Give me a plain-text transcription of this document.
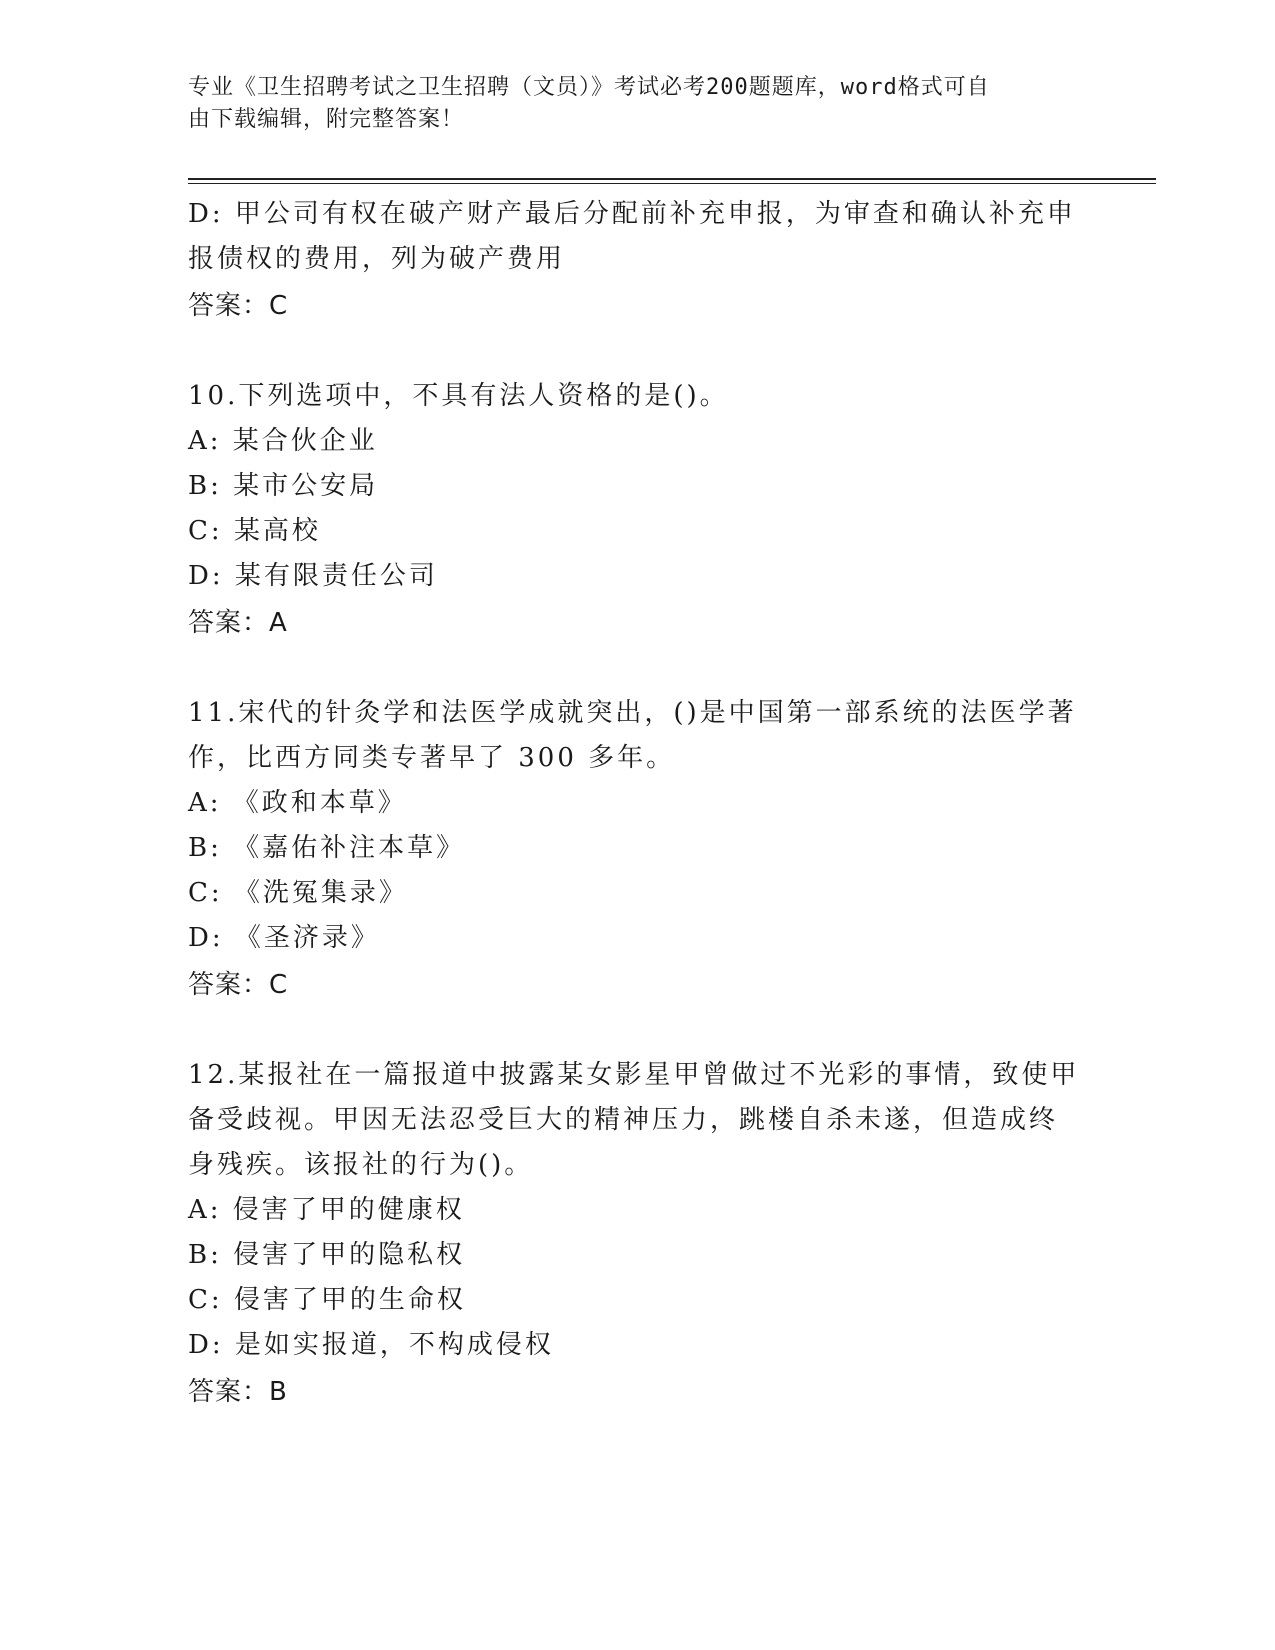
专业《卫生招聘考试之卫生招聘（文员）》考试必考200题题库，word格式可自
由下载编辑，附完整答案！
D: 甲公司有权在破产财产最后分配前补充申报，为审查和确认补充申
报债权的费用，列为破产费用
答案：C
10.下列选项中，不具有法人资格的是()。
A: 某合伙企业
B: 某市公安局
C: 某高校
D: 某有限责任公司
答案：A
11.宋代的针灸学和法医学成就突出，()是中国第一部系统的法医学著
作，比西方同类专著早了 300 多年。
A: 《政和本草》
B: 《嘉佑补注本草》
C: 《洗冤集录》
D: 《圣济录》
答案：C
12.某报社在一篇报道中披露某女影星甲曾做过不光彩的事情，致使甲
备受歧视。甲因无法忍受巨大的精神压力，跳楼自杀未遂，但造成终
身残疾。该报社的行为()。
A: 侵害了甲的健康权
B: 侵害了甲的隐私权
C: 侵害了甲的生命权
D: 是如实报道，不构成侵权
答案：B
